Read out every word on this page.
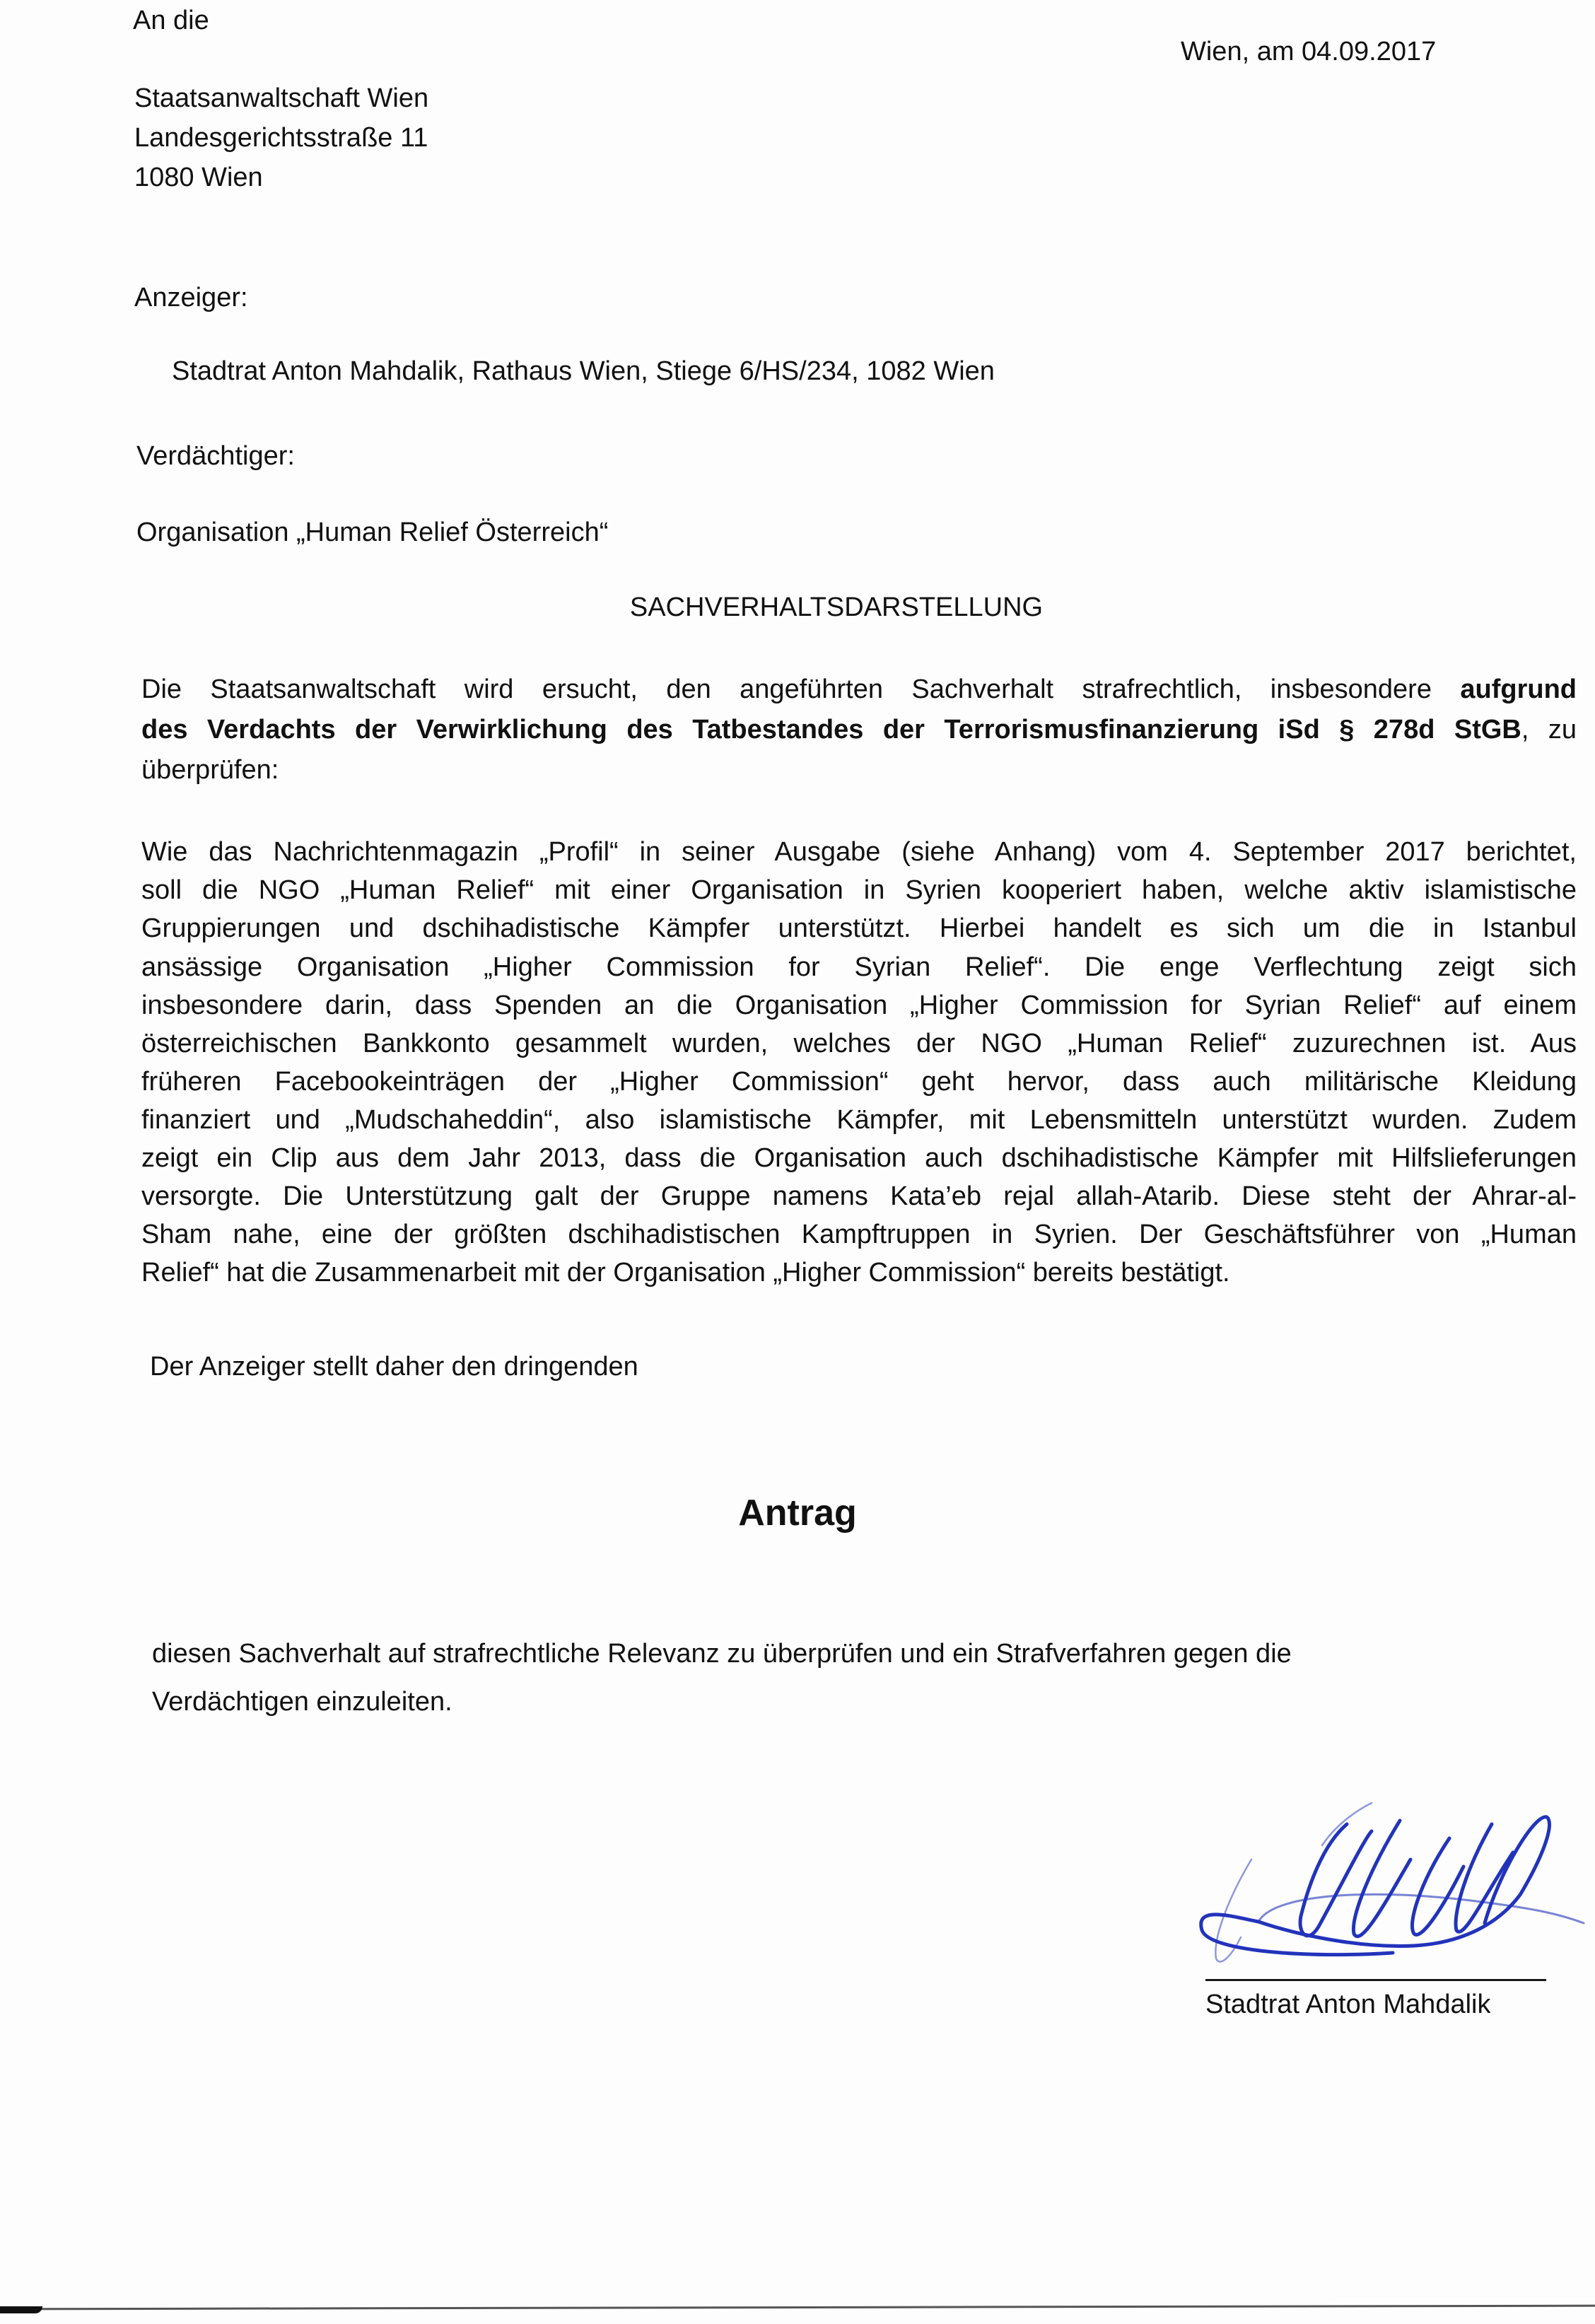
An die
Wien, am 04.09.2017
Staatsanwaltschaft Wien
Landesgerichtsstraße 11
1080 Wien
Anzeiger:
Stadtrat Anton Mahdalik, Rathaus Wien, Stiege 6/HS/234, 1082 Wien
Verdächtiger:
Organisation „Human Relief Österreich“
SACHVERHALTSDARSTELLUNG
Die Staatsanwaltschaft wird ersucht, den angeführten Sachverhalt strafrechtlich, insbesondere aufgrund
des Verdachts der Verwirklichung des Tatbestandes der Terrorismusfinanzierung iSd § 278d StGB, zu
überprüfen:
Wie das Nachrichtenmagazin „Profil“ in seiner Ausgabe (siehe Anhang) vom 4. September 2017 berichtet,
soll die NGO „Human Relief“ mit einer Organisation in Syrien kooperiert haben, welche aktiv islamistische
Gruppierungen und dschihadistische Kämpfer unterstützt. Hierbei handelt es sich um die in Istanbul
ansässige Organisation „Higher Commission for Syrian Relief“. Die enge Verflechtung zeigt sich
insbesondere darin, dass Spenden an die Organisation „Higher Commission for Syrian Relief“ auf einem
österreichischen Bankkonto gesammelt wurden, welches der NGO „Human Relief“ zuzurechnen ist. Aus
früheren Facebookeinträgen der „Higher Commission“ geht hervor, dass auch militärische Kleidung
finanziert und „Mudschaheddin“, also islamistische Kämpfer, mit Lebensmitteln unterstützt wurden. Zudem
zeigt ein Clip aus dem Jahr 2013, dass die Organisation auch dschihadistische Kämpfer mit Hilfslieferungen
versorgte. Die Unterstützung galt der Gruppe namens Kata’eb rejal allah-Atarib. Diese steht der Ahrar-al-
Sham nahe, eine der größten dschihadistischen Kampftruppen in Syrien. Der Geschäftsführer von „Human
Relief“ hat die Zusammenarbeit mit der Organisation „Higher Commission“ bereits bestätigt.
Der Anzeiger stellt daher den dringenden
Antrag
diesen Sachverhalt auf strafrechtliche Relevanz zu überprüfen und ein Strafverfahren gegen die
Verdächtigen einzuleiten.
Stadtrat Anton Mahdalik
